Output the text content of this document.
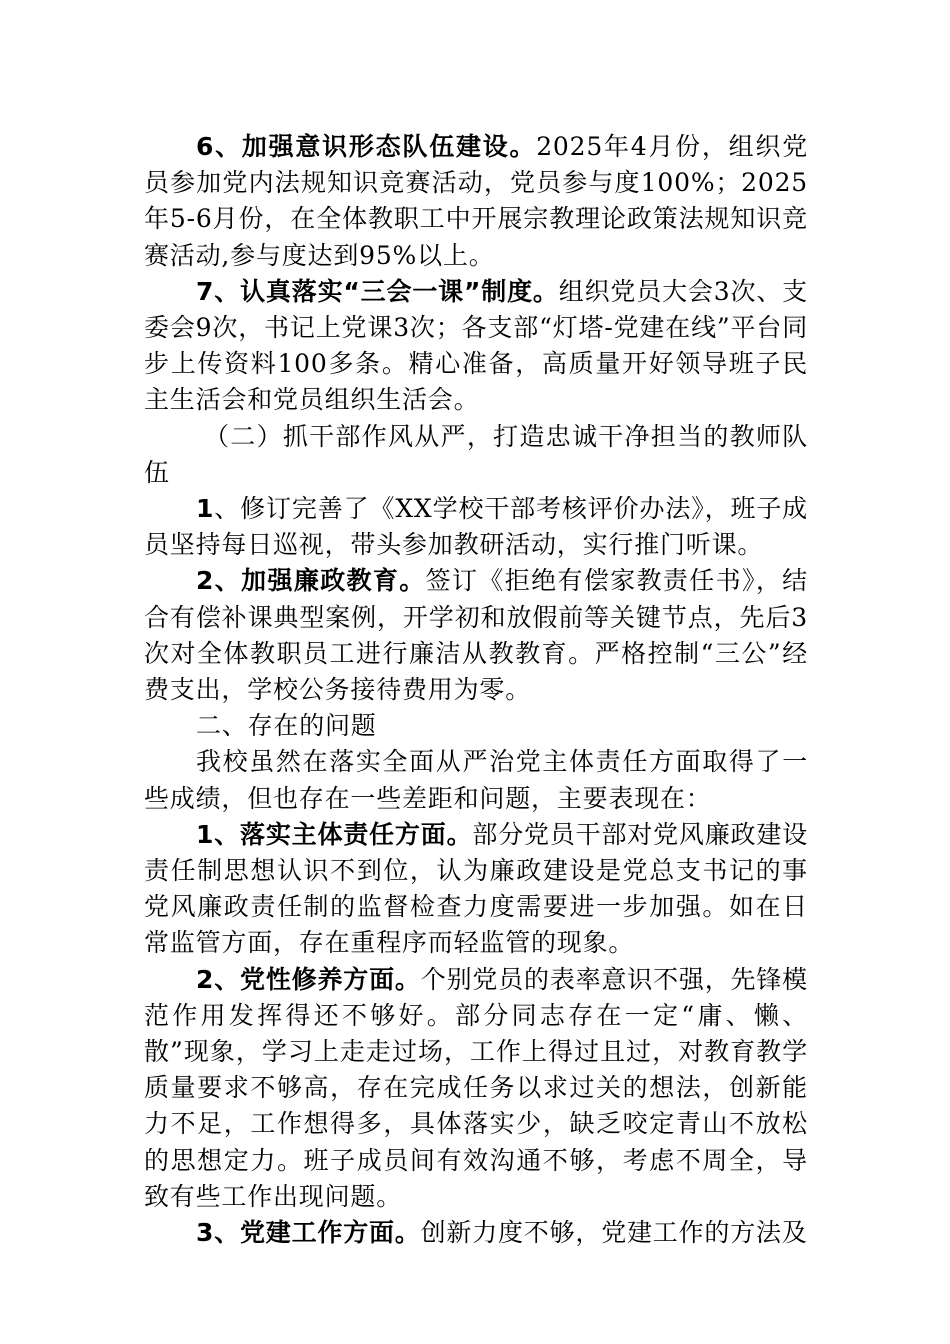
6、加强意识形态队伍建设。2025年4月份，组织党员参加党内法规知识竞赛活动，党员参与度100%；2025年5-6月份，在全体教职工中开展宗教理论政策法规知识竞赛活动,参与度达到95%以上。

7、认真落实“三会一课”制度。组织党员大会3次、支委会9次，书记上党课3次；各支部“灯塔-党建在线”平台同步上传资料100多条。精心准备，高质量开好领导班子民主生活会和党员组织生活会。

（二）抓干部作风从严，打造忠诚干净担当的教师队伍

1、修订完善了《XX学校干部考核评价办法》，班子成员坚持每日巡视，带头参加教研活动，实行推门听课。

2、加强廉政教育。签订《拒绝有偿家教责任书》，结合有偿补课典型案例，开学初和放假前等关键节点，先后3次对全体教职员工进行廉洁从教教育。严格控制“三公”经费支出，学校公务接待费用为零。

二、存在的问题

我校虽然在落实全面从严治党主体责任方面取得了一些成绩，但也存在一些差距和问题，主要表现在：

1、落实主体责任方面。部分党员干部对党风廉政建设责任制思想认识不到位，认为廉政建设是党总支书记的事党风廉政责任制的监督检查力度需要进一步加强。如在日常监管方面，存在重程序而轻监管的现象。

2、党性修养方面。个别党员的表率意识不强，先锋模范作用发挥得还不够好。部分同志存在一定“庸、懒、散”现象，学习上走走过场，工作上得过且过，对教育教学质量要求不够高，存在完成任务以求过关的想法，创新能力不足，工作想得多，具体落实少，缺乏咬定青山不放松的思想定力。班子成员间有效沟通不够，考虑不周全，导致有些工作出现问题。

3、党建工作方面。创新力度不够，党建工作的方法及
